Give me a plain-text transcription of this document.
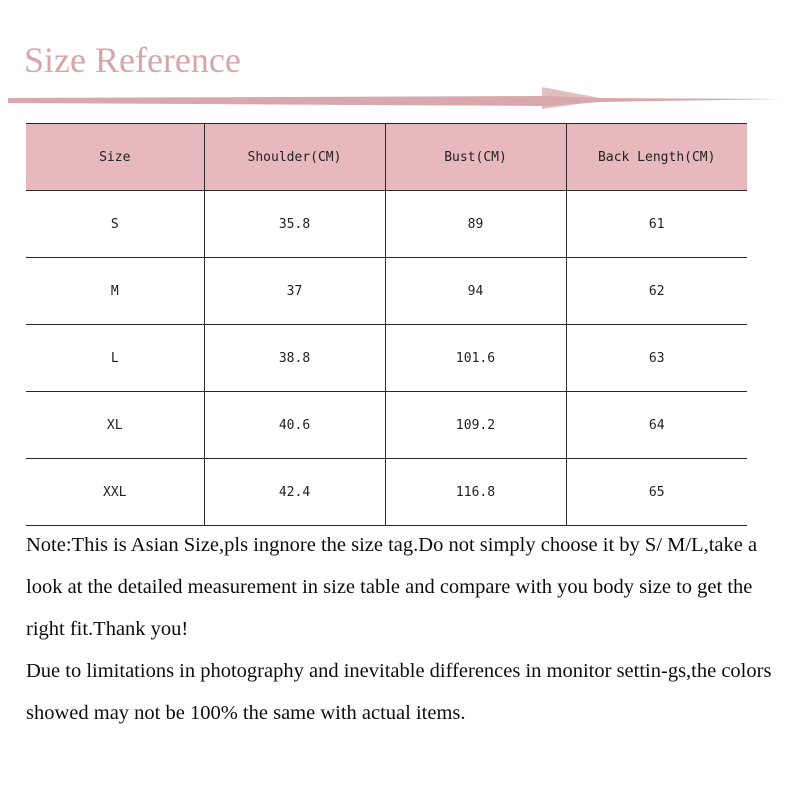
Size Reference
Size	Shoulder(CM)	Bust(CM)	Back Length(CM)
S	35.8	89	61
M	37	94	62
L	38.8	101.6	63
XL	40.6	109.2	64
XXL	42.4	116.8	65

Note:This is Asian Size,pls ingnore the size tag.Do not simply choose it by S/ M/L,take a look at the detailed measurement in size table and compare with you body size to get the right fit.Thank you!

Due to limitations in photography and inevitable differences in monitor settin-gs,the colors showed may not be 100% the same with actual items.
